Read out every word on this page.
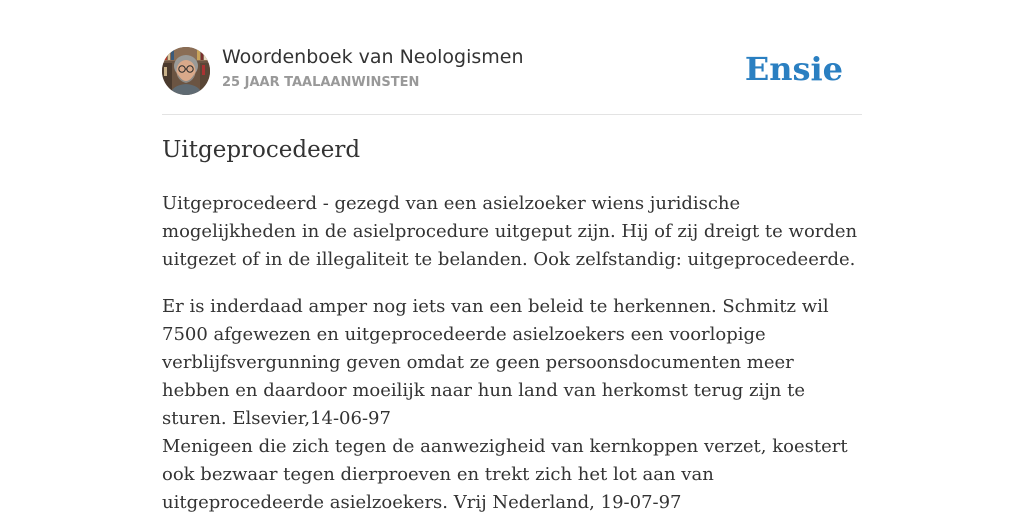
Woordenboek van Neologismen
25 JAAR TAALAANWINSTEN	Ensie
Uitgeprocedeerd

Uitgeprocedeerd - gezegd van een asielzoeker wiens juridische mogelijkheden in de asielprocedure uitgeput zijn. Hij of zij dreigt te worden uitgezet of in de illegaliteit te belanden. Ook zelfstandig: uitgeprocedeerde.

Er is inderdaad amper nog iets van een beleid te herkennen. Schmitz wil 7500 afgewezen en uitgeprocedeerde asielzoekers een voorlopige verblijfsvergunning geven omdat ze geen persoonsdocumenten meer hebben en daardoor moeilijk naar hun land van herkomst terug zijn te sturen. Elsevier,14-06-97

Menigeen die zich tegen de aanwezigheid van kernkoppen verzet, koestert ook bezwaar tegen dierproeven en trekt zich het lot aan van uitgeprocedeerde asielzoekers. Vrij Nederland, 19-07-97
